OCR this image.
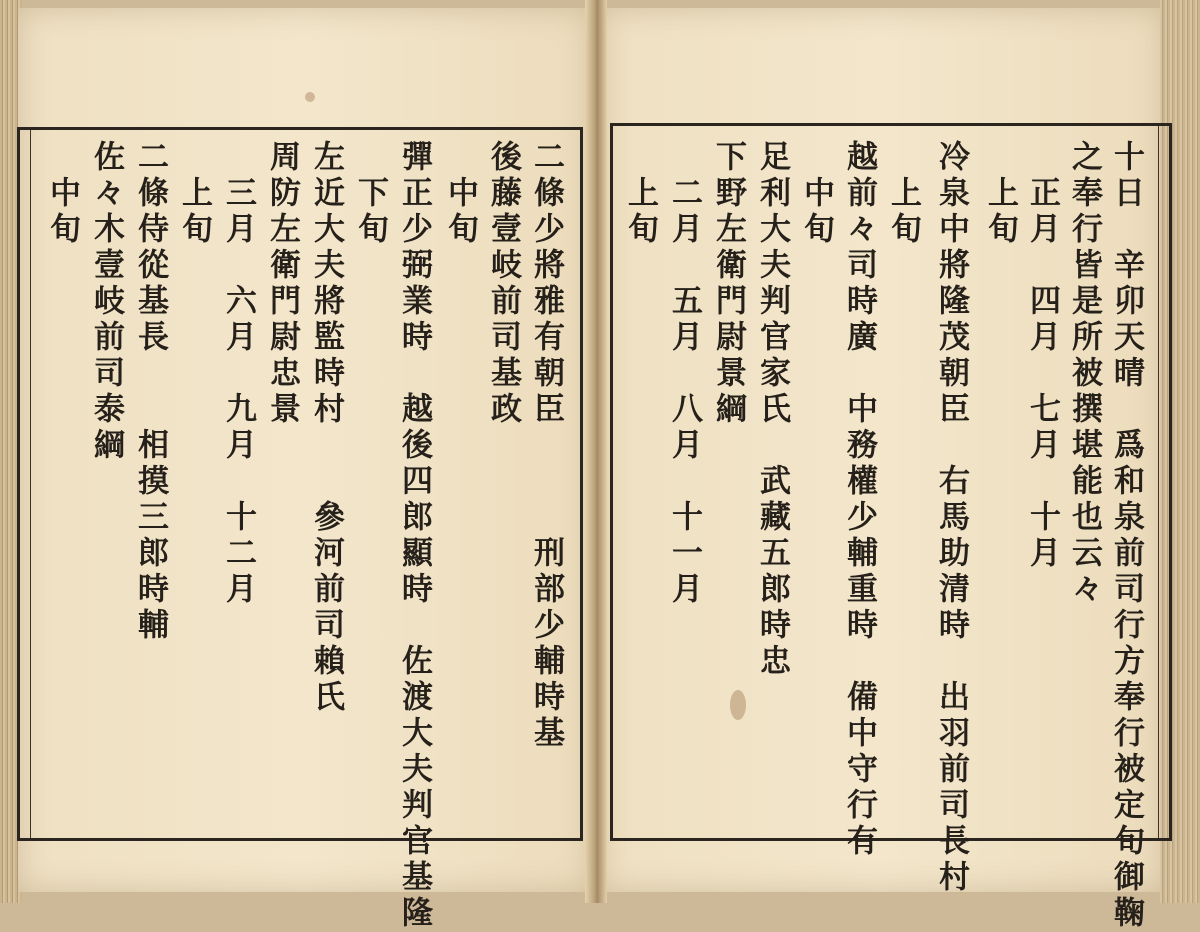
十日　辛卯天晴　爲和泉前司行方奉行被定旬御鞠
之奉行皆是所被撰堪能也云々
　正月　四月　七月　十月
　上旬
冷泉中將隆茂朝臣　右馬助清時　出羽前司長村
　上旬
越前々司時廣　中務權少輔重時　備中守行有
　中旬
足利大夫判官家氏　武藏五郎時忠
下野左衛門尉景綱
　二月　五月　八月　十一月
　上旬
二條少將雅有朝臣　　　刑部少輔時基
後藤壹岐前司基政
　中旬
彈正少弼業時　越後四郎顯時　佐渡大夫判官基隆
　下旬
左近大夫將監時村　　參河前司賴氏
周防左衛門尉忠景
　三月　六月　九月　十二月
　上旬
二條侍從基長　　相摸三郎時輔
佐々木壹岐前司泰綱
　中旬
